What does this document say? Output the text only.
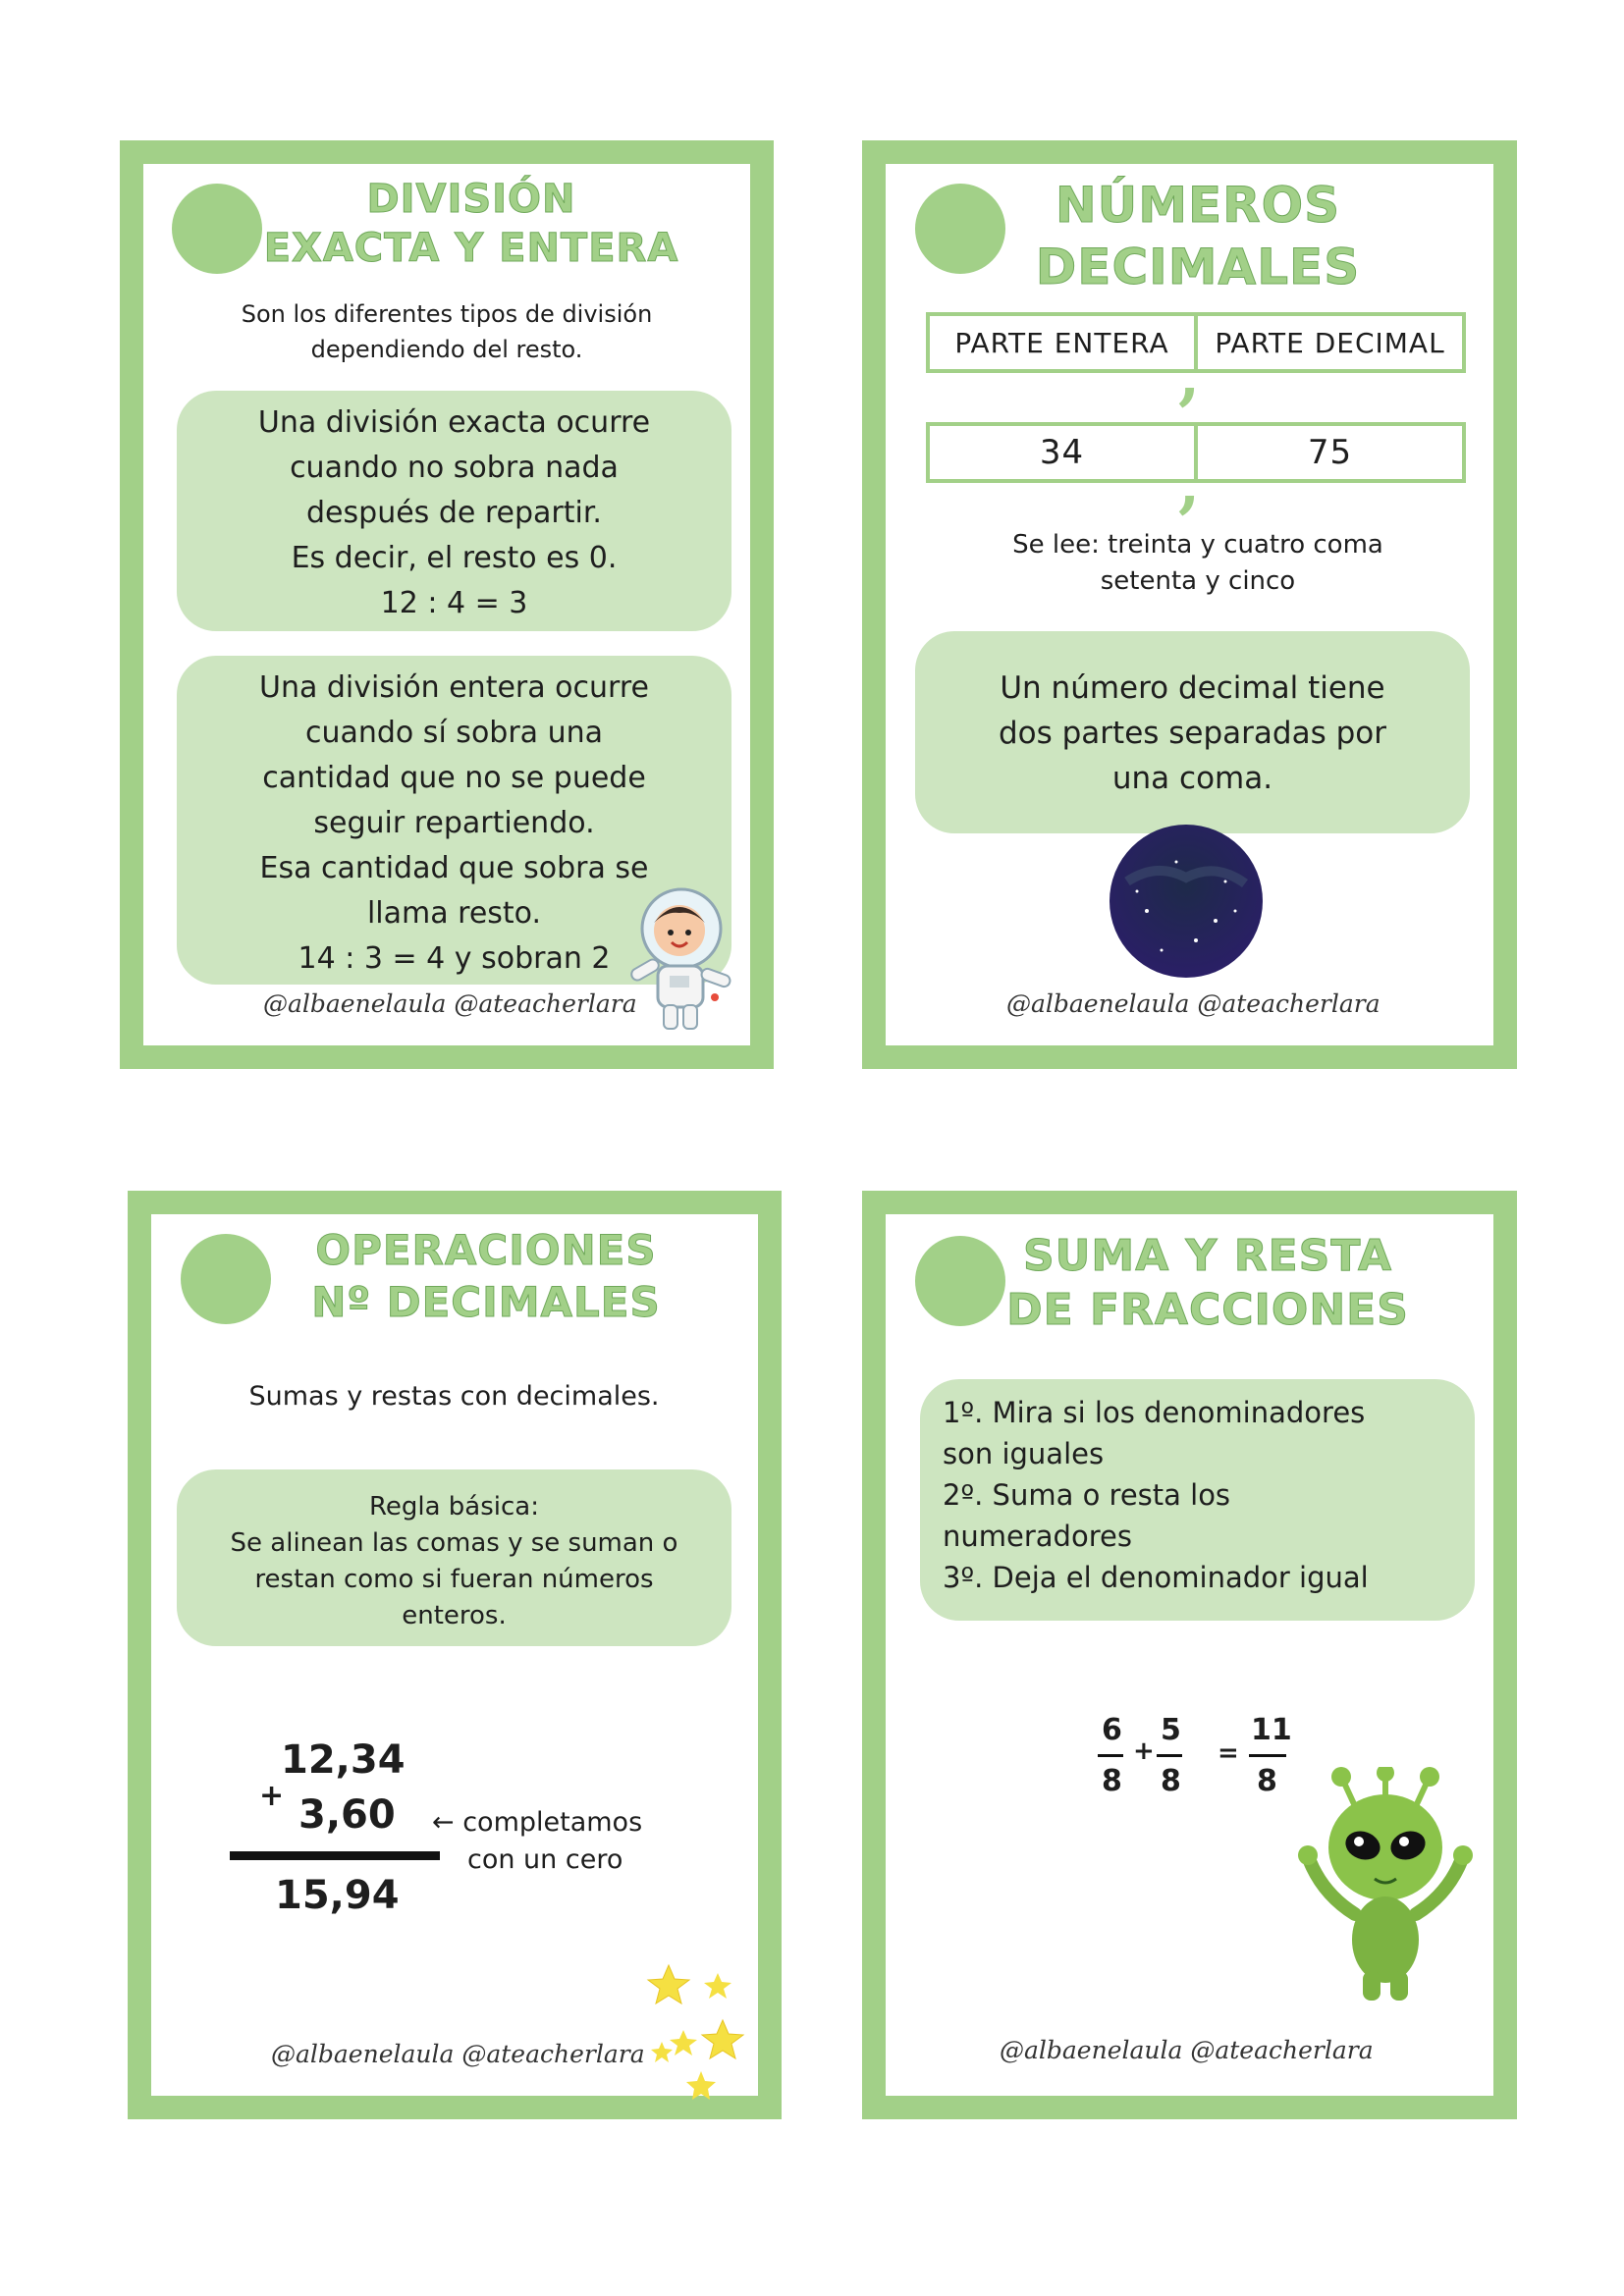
DIVISIÓN
EXACTA Y ENTERA
Son los diferentes tipos de división
dependiendo del resto.
Una división exacta ocurre
cuando no sobra nada
después de repartir.
Es decir, el resto es 0.
12 : 4 = 3
Una división entera ocurre
cuando sí sobra una
cantidad que no se puede
seguir repartiendo.
Esa cantidad que sobra se
llama resto.
14 : 3 = 4 y sobran 2
@albaenelaula @ateacherlara
NÚMEROS
DECIMALES
PARTE ENTERA	PARTE DECIMAL
,
34	75
,
Se lee: treinta y cuatro coma
setenta y cinco
Un número decimal tiene
dos partes separadas por
una coma.
@albaenelaula @ateacherlara
OPERACIONES
Nº DECIMALES
Sumas y restas con decimales.
Regla básica:
Se alinean las comas y se suman o
restan como si fueran números
enteros.
12,34
+ 3,60
15,94
← completamos
con un cero
@albaenelaula @ateacherlara
SUMA Y RESTA
DE FRACCIONES
1º. Mira si los denominadores
son iguales
2º. Suma o resta los
numeradores
3º. Deja el denominador igual
6
8
+
5
8
=
11
8
@albaenelaula @ateacherlara
